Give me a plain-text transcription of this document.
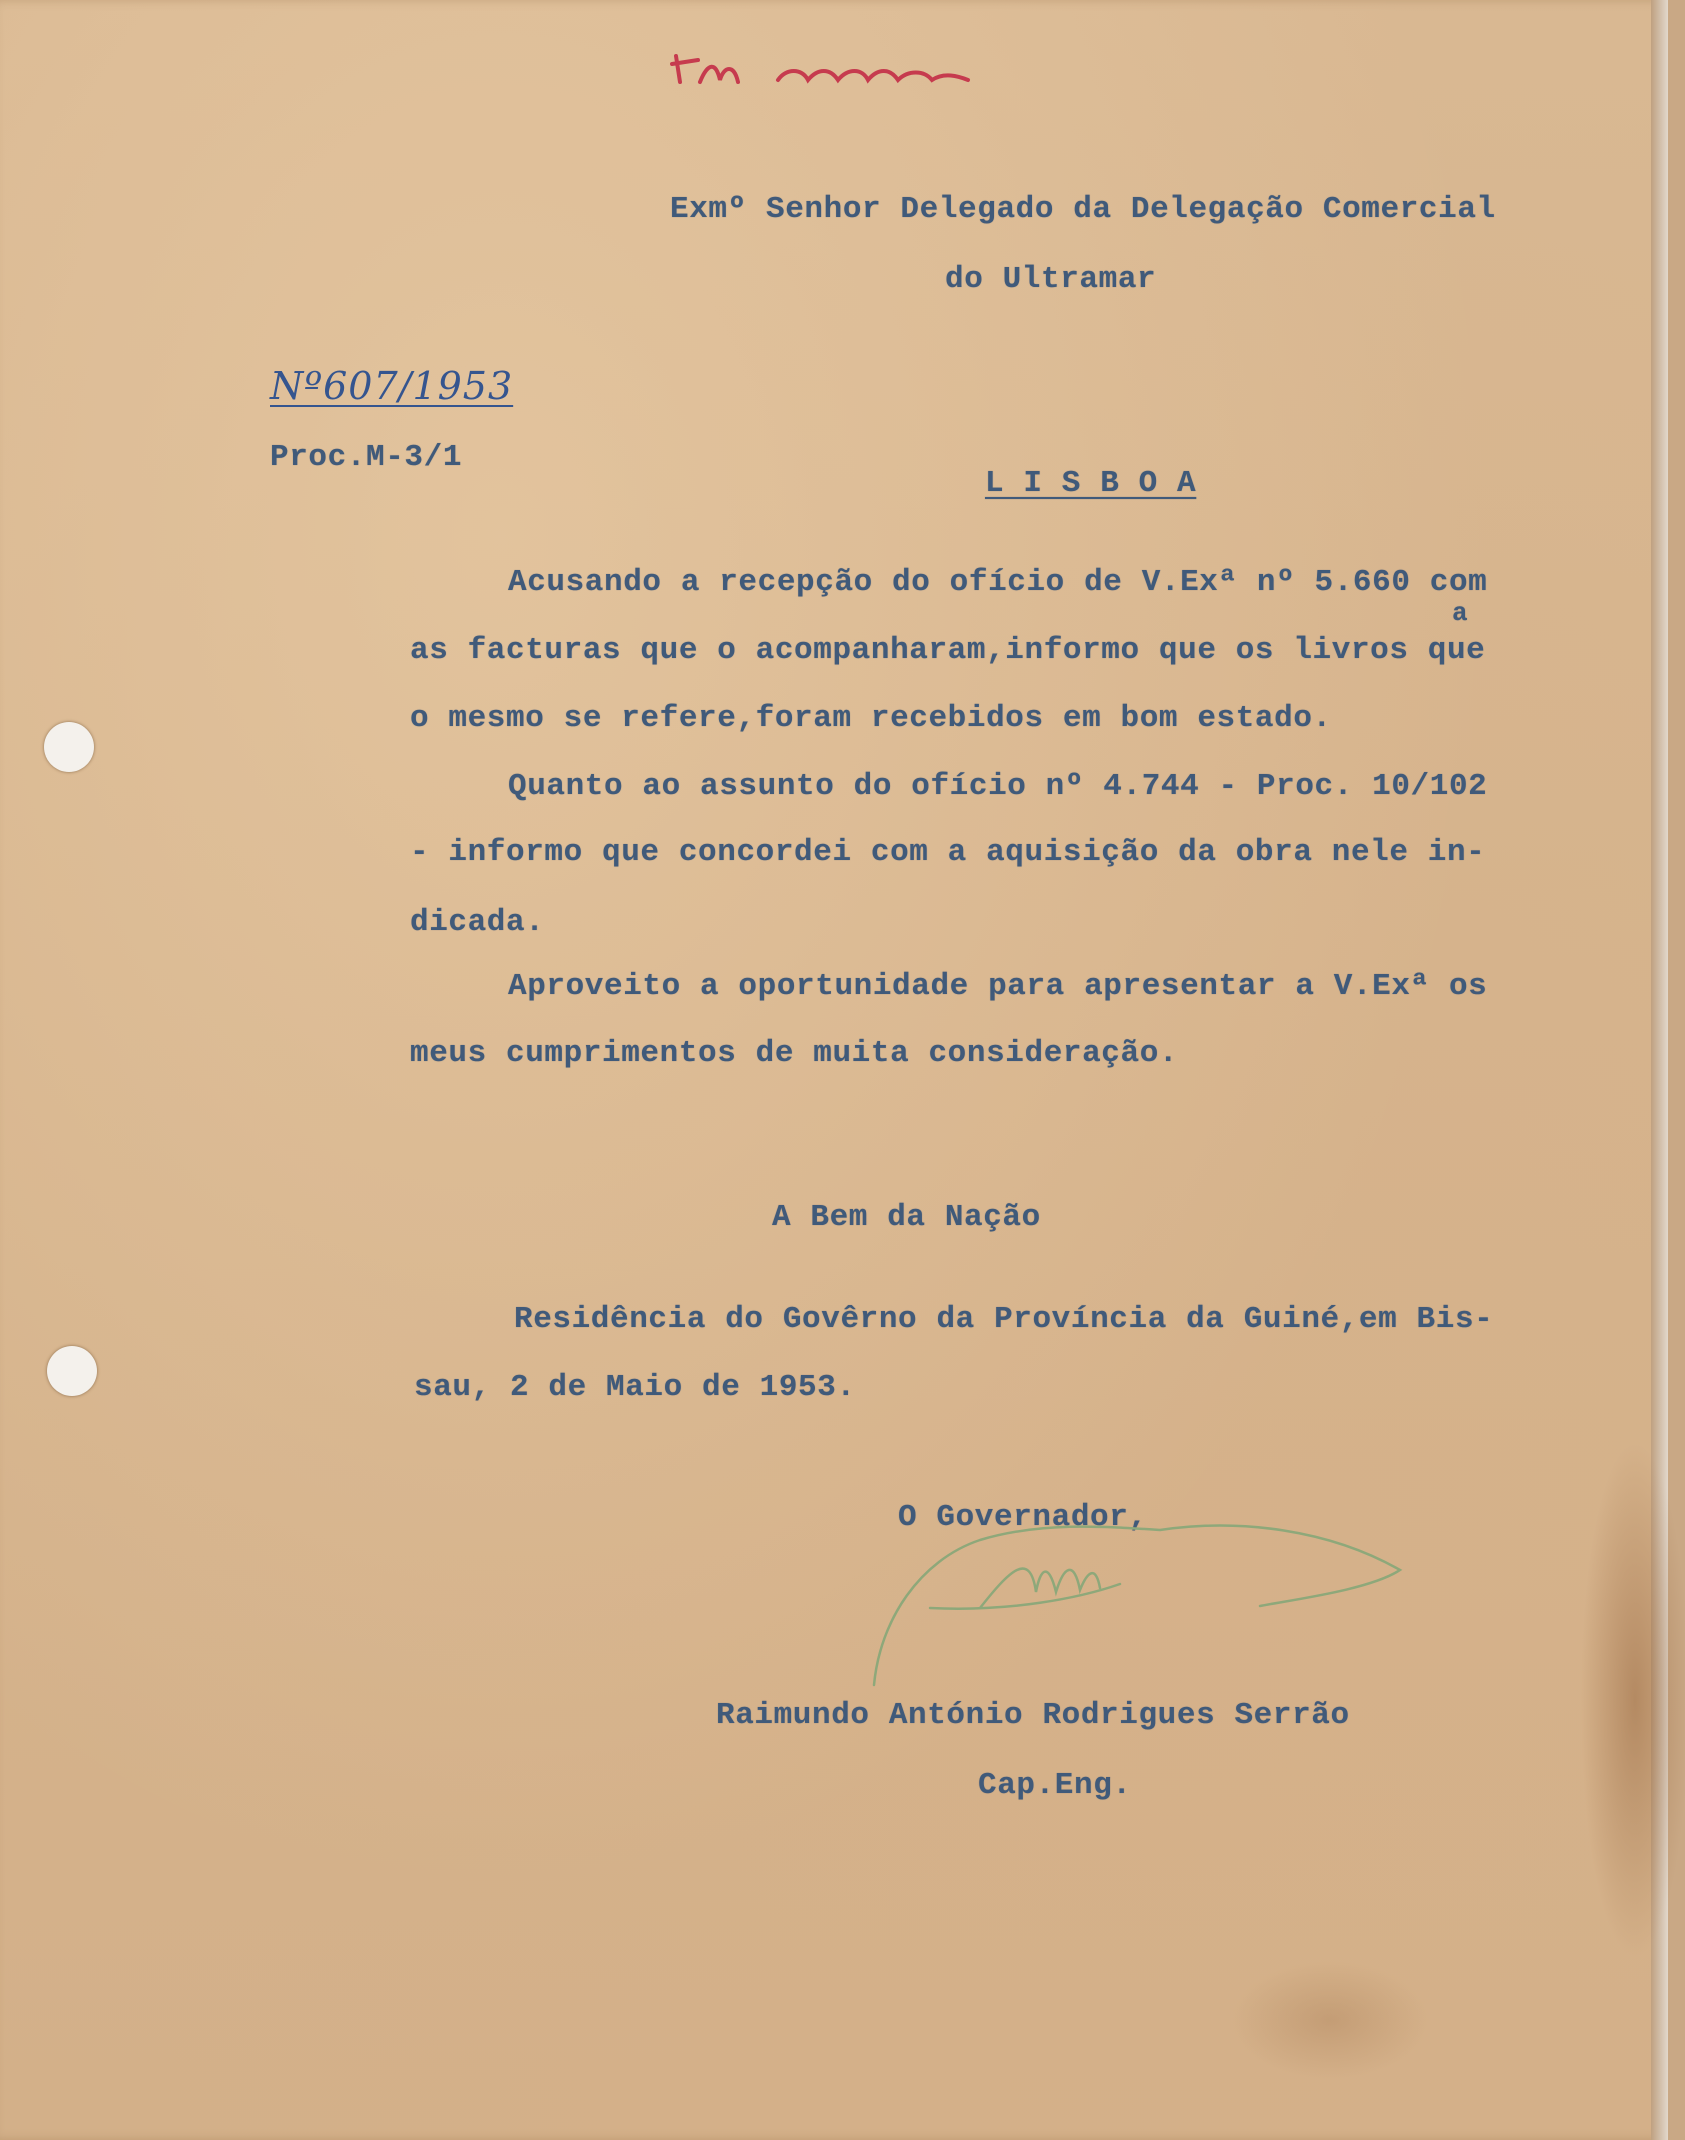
Exmº Senhor Delegado da Delegação Comercial

do Ultramar

Nº607/1953

Proc.M-3/1

L I S B O A

Acusando a recepção do ofício de V.Exª nº 5.660 com

a

as facturas que o acompanharam,informo que os livros que

o mesmo se refere,foram recebidos em bom estado.

Quanto ao assunto do ofício nº 4.744 - Proc. 10/102

- informo que concordei com a aquisição da obra nele in-

dicada.

Aproveito a oportunidade para apresentar a V.Exª os

meus cumprimentos de muita consideração.

A Bem da Nação

Residência do Govêrno da Província da Guiné,em Bis-

sau, 2 de Maio de 1953.

O Governador,

Raimundo António Rodrigues Serrão

Cap.Eng.
